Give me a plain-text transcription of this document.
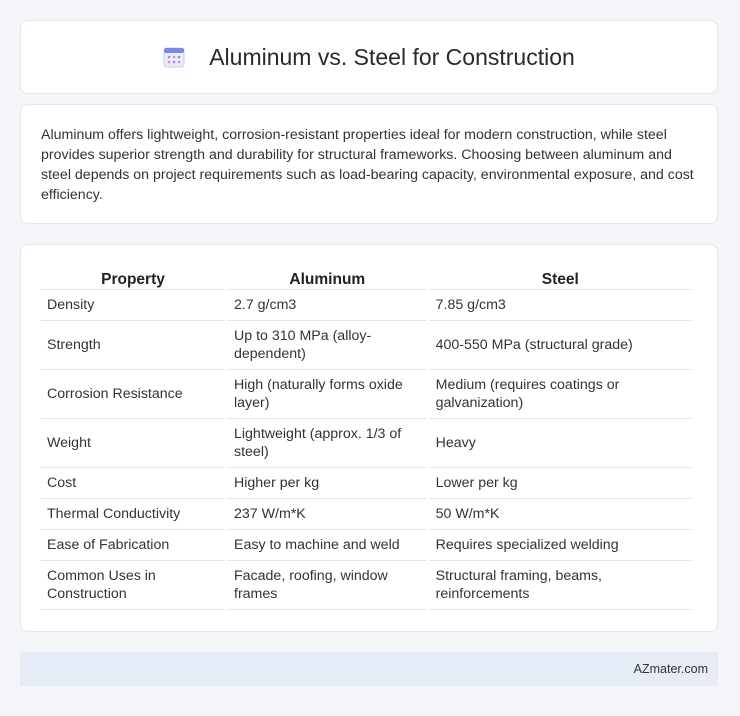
Aluminum vs. Steel for Construction

Aluminum offers lightweight, corrosion-resistant properties ideal for modern construction, while steel provides superior strength and durability for structural frameworks. Choosing between aluminum and steel depends on project requirements such as load-bearing capacity, environmental exposure, and cost efficiency.

Property	Aluminum	Steel
Density	2.7 g/cm3	7.85 g/cm3
Strength	Up to 310 MPa (alloy-dependent)	400-550 MPa (structural grade)
Corrosion Resistance	High (naturally forms oxide layer)	Medium (requires coatings or galvanization)
Weight	Lightweight (approx. 1/3 of steel)	Heavy
Cost	Higher per kg	Lower per kg
Thermal Conductivity	237 W/m*K	50 W/m*K
Ease of Fabrication	Easy to machine and weld	Requires specialized welding
Common Uses in Construction	Facade, roofing, window frames	Structural framing, beams, reinforcements
AZmater.com
